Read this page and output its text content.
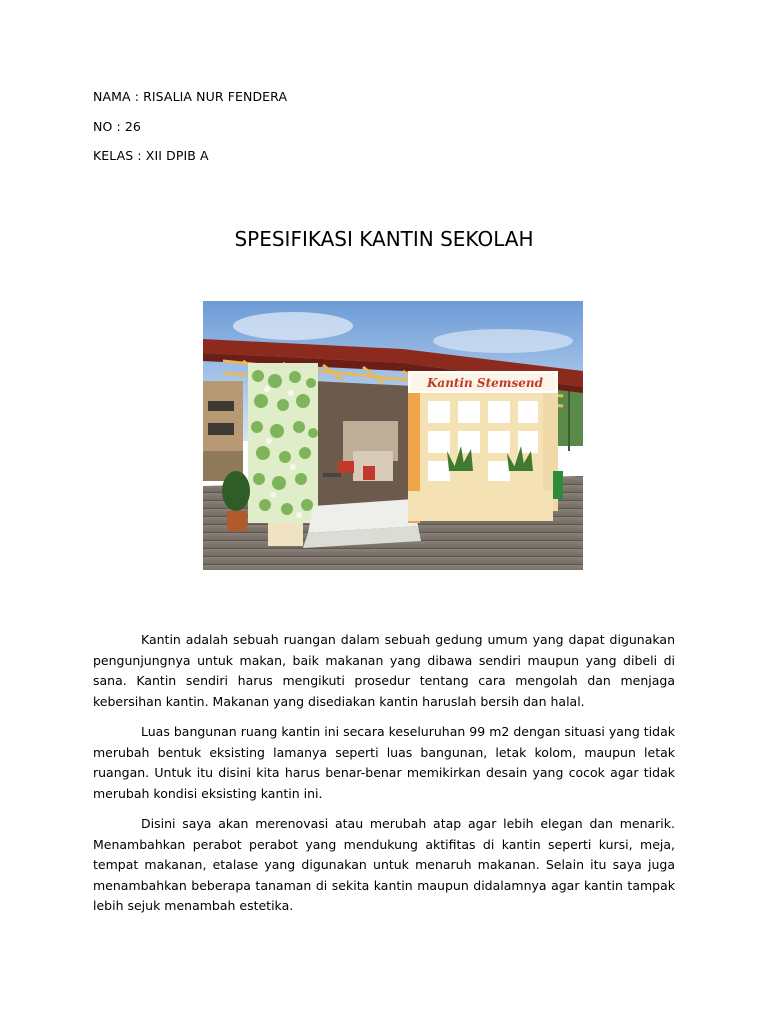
NAMA : RISALIA NUR FENDERA
NO : 26
KELAS : XII DPIB A
SPESIFIKASI KANTIN SEKOLAH
Kantin Stemsend

Kantin adalah sebuah ruangan dalam sebuah gedung umum yang dapat digunakan pengunjungnya untuk makan, baik makanan yang dibawa sendiri maupun yang dibeli di sana. Kantin sendiri harus mengikuti prosedur tentang cara mengolah dan menjaga kebersihan kantin. Makanan yang disediakan kantin haruslah bersih dan halal.

Luas bangunan ruang kantin ini secara keseluruhan 99 m2 dengan situasi yang tidak merubah bentuk eksisting lamanya seperti luas bangunan, letak kolom, maupun letak ruangan. Untuk itu disini kita harus benar-benar memikirkan desain yang cocok agar tidak merubah kondisi eksisting kantin ini.

Disini saya akan merenovasi atau merubah atap agar lebih elegan dan menarik. Menambahkan perabot perabot yang mendukung aktifitas di kantin seperti kursi, meja, tempat makanan, etalase yang digunakan untuk menaruh makanan. Selain itu saya juga menambahkan beberapa tanaman di sekita kantin maupun didalamnya agar kantin tampak lebih sejuk menambah estetika.
